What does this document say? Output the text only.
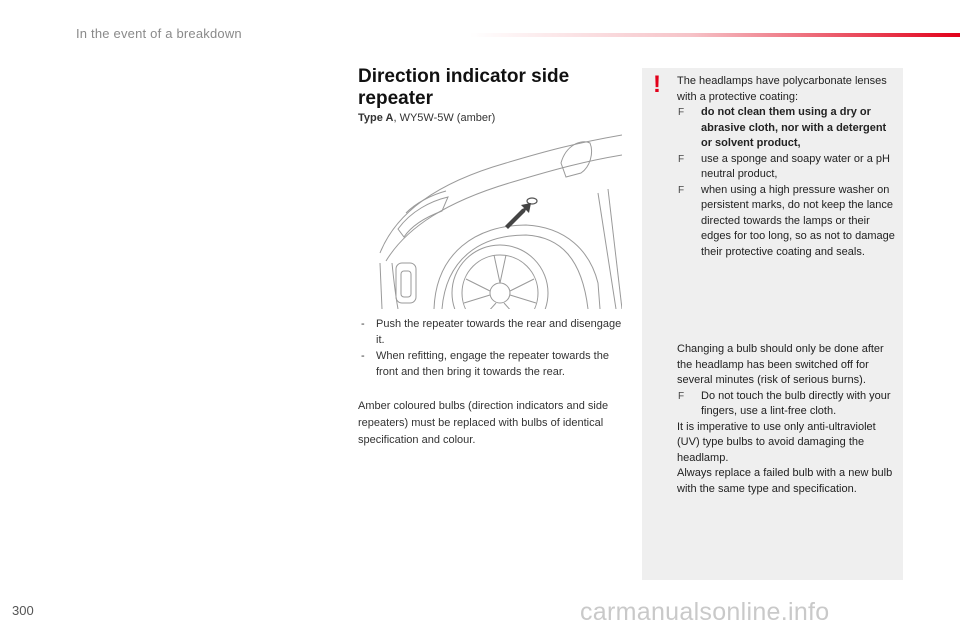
In the event of a breakdown
Direction indicator side repeater
Type A, WY5W-5W (amber)
- Push the repeater towards the rear and disengage it.
- When refitting, engage the repeater towards the front and then bring it towards the rear.
Amber coloured bulbs (direction indicators and side repeaters) must be replaced with bulbs of identical specification and colour.
! The headlamps have polycarbonate lenses with a protective coating:

F do not clean them using a dry or abrasive cloth, nor with a detergent or solvent product,
F use a sponge and soapy water or a pH neutral product,
F when using a high pressure washer on persistent marks, do not keep the lance directed towards the lamps or their edges for too long, so as not to damage their protective coating and seals.

Changing a bulb should only be done after the headlamp has been switched off for several minutes (risk of serious burns).

F Do not touch the bulb directly with your fingers, use a lint-free cloth.

It is imperative to use only anti-ultraviolet (UV) type bulbs to avoid damaging the headlamp.

Always replace a failed bulb with a new bulb with the same type and specification.

300	carmanualsonline.info
